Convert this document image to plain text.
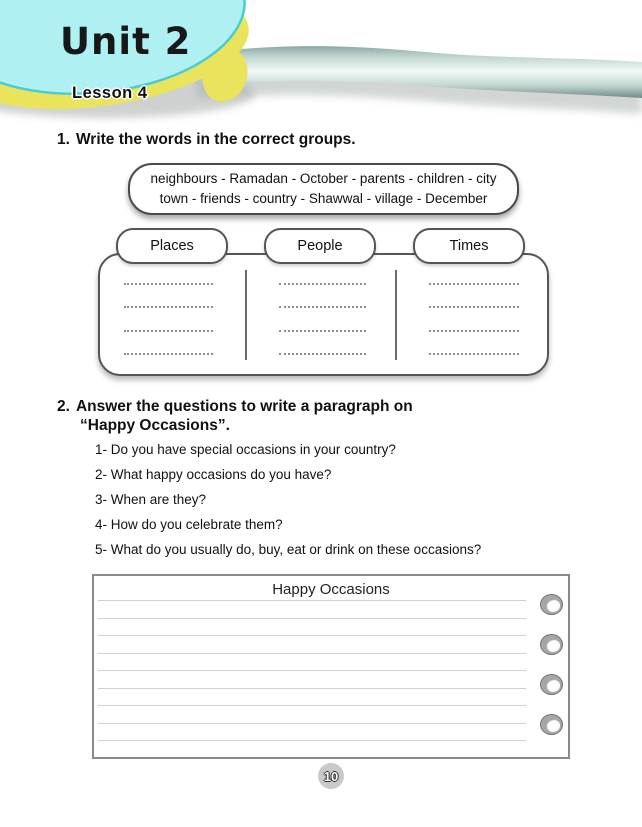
Unit 2
Lesson 4
1. Write the words in the correct groups.
neighbours - Ramadan - October - parents - children - city
town - friends - country - Shawwal - village - December
Places	People	Times
2. Answer the questions to write a paragraph on
“Happy Occasions”.
1- Do you have special occasions in your country?
2- What happy occasions do you have?
3- When are they?
4- How do you celebrate them?
5- What do you usually do, buy, eat or drink on these occasions?
Happy Occasions
10
